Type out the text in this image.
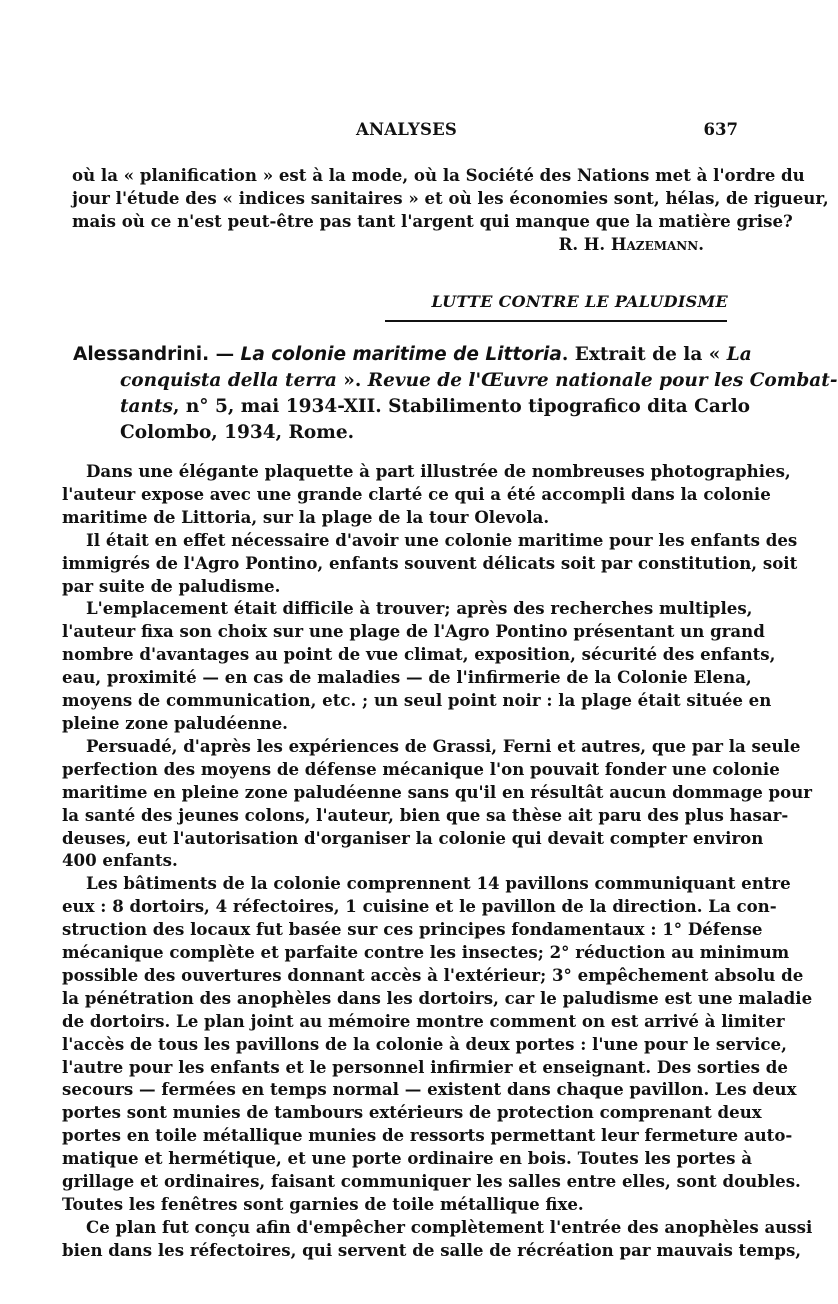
ANALYSES	637
où la « planification » est à la mode, où la Société des Nations met à l'ordre du
jour l'étude des « indices sanitaires » et où les économies sont, hélas, de rigueur,
mais où ce n'est peut-être pas tant l'argent qui manque que la matière grise?
R. H. Hazemann.
LUTTE CONTRE LE PALUDISME
Alessandrini. — La colonie maritime de Littoria. Extrait de la « La
conquista della terra ». Revue de l'Œuvre nationale pour les Combat-
tants, n° 5, mai 1934-XII. Stabilimento tipografico dita Carlo
Colombo, 1934, Rome.
Dans une élégante plaquette à part illustrée de nombreuses photographies,
l'auteur expose avec une grande clarté ce qui a été accompli dans la colonie
maritime de Littoria, sur la plage de la tour Olevola.
Il était en effet nécessaire d'avoir une colonie maritime pour les enfants des
immigrés de l'Agro Pontino, enfants souvent délicats soit par constitution, soit
par suite de paludisme.
L'emplacement était difficile à trouver; après des recherches multiples,
l'auteur fixa son choix sur une plage de l'Agro Pontino présentant un grand
nombre d'avantages au point de vue climat, exposition, sécurité des enfants,
eau, proximité — en cas de maladies — de l'infirmerie de la Colonie Elena,
moyens de communication, etc. ; un seul point noir : la plage était située en
pleine zone paludéenne.
Persuadé, d'après les expériences de Grassi, Ferni et autres, que par la seule
perfection des moyens de défense mécanique l'on pouvait fonder une colonie
maritime en pleine zone paludéenne sans qu'il en résultât aucun dommage pour
la santé des jeunes colons, l'auteur, bien que sa thèse ait paru des plus hasar-
deuses, eut l'autorisation d'organiser la colonie qui devait compter environ
400 enfants.
Les bâtiments de la colonie comprennent 14 pavillons communiquant entre
eux : 8 dortoirs, 4 réfectoires, 1 cuisine et le pavillon de la direction. La con-
struction des locaux fut basée sur ces principes fondamentaux : 1° Défense
mécanique complète et parfaite contre les insectes; 2° réduction au minimum
possible des ouvertures donnant accès à l'extérieur; 3° empêchement absolu de
la pénétration des anophèles dans les dortoirs, car le paludisme est une maladie
de dortoirs. Le plan joint au mémoire montre comment on est arrivé à limiter
l'accès de tous les pavillons de la colonie à deux portes : l'une pour le service,
l'autre pour les enfants et le personnel infirmier et enseignant. Des sorties de
secours — fermées en temps normal — existent dans chaque pavillon. Les deux
portes sont munies de tambours extérieurs de protection comprenant deux
portes en toile métallique munies de ressorts permettant leur fermeture auto-
matique et hermétique, et une porte ordinaire en bois. Toutes les portes à
grillage et ordinaires, faisant communiquer les salles entre elles, sont doubles.
Toutes les fenêtres sont garnies de toile métallique fixe.
Ce plan fut conçu afin d'empêcher complètement l'entrée des anophèles aussi
bien dans les réfectoires, qui servent de salle de récréation par mauvais temps,
